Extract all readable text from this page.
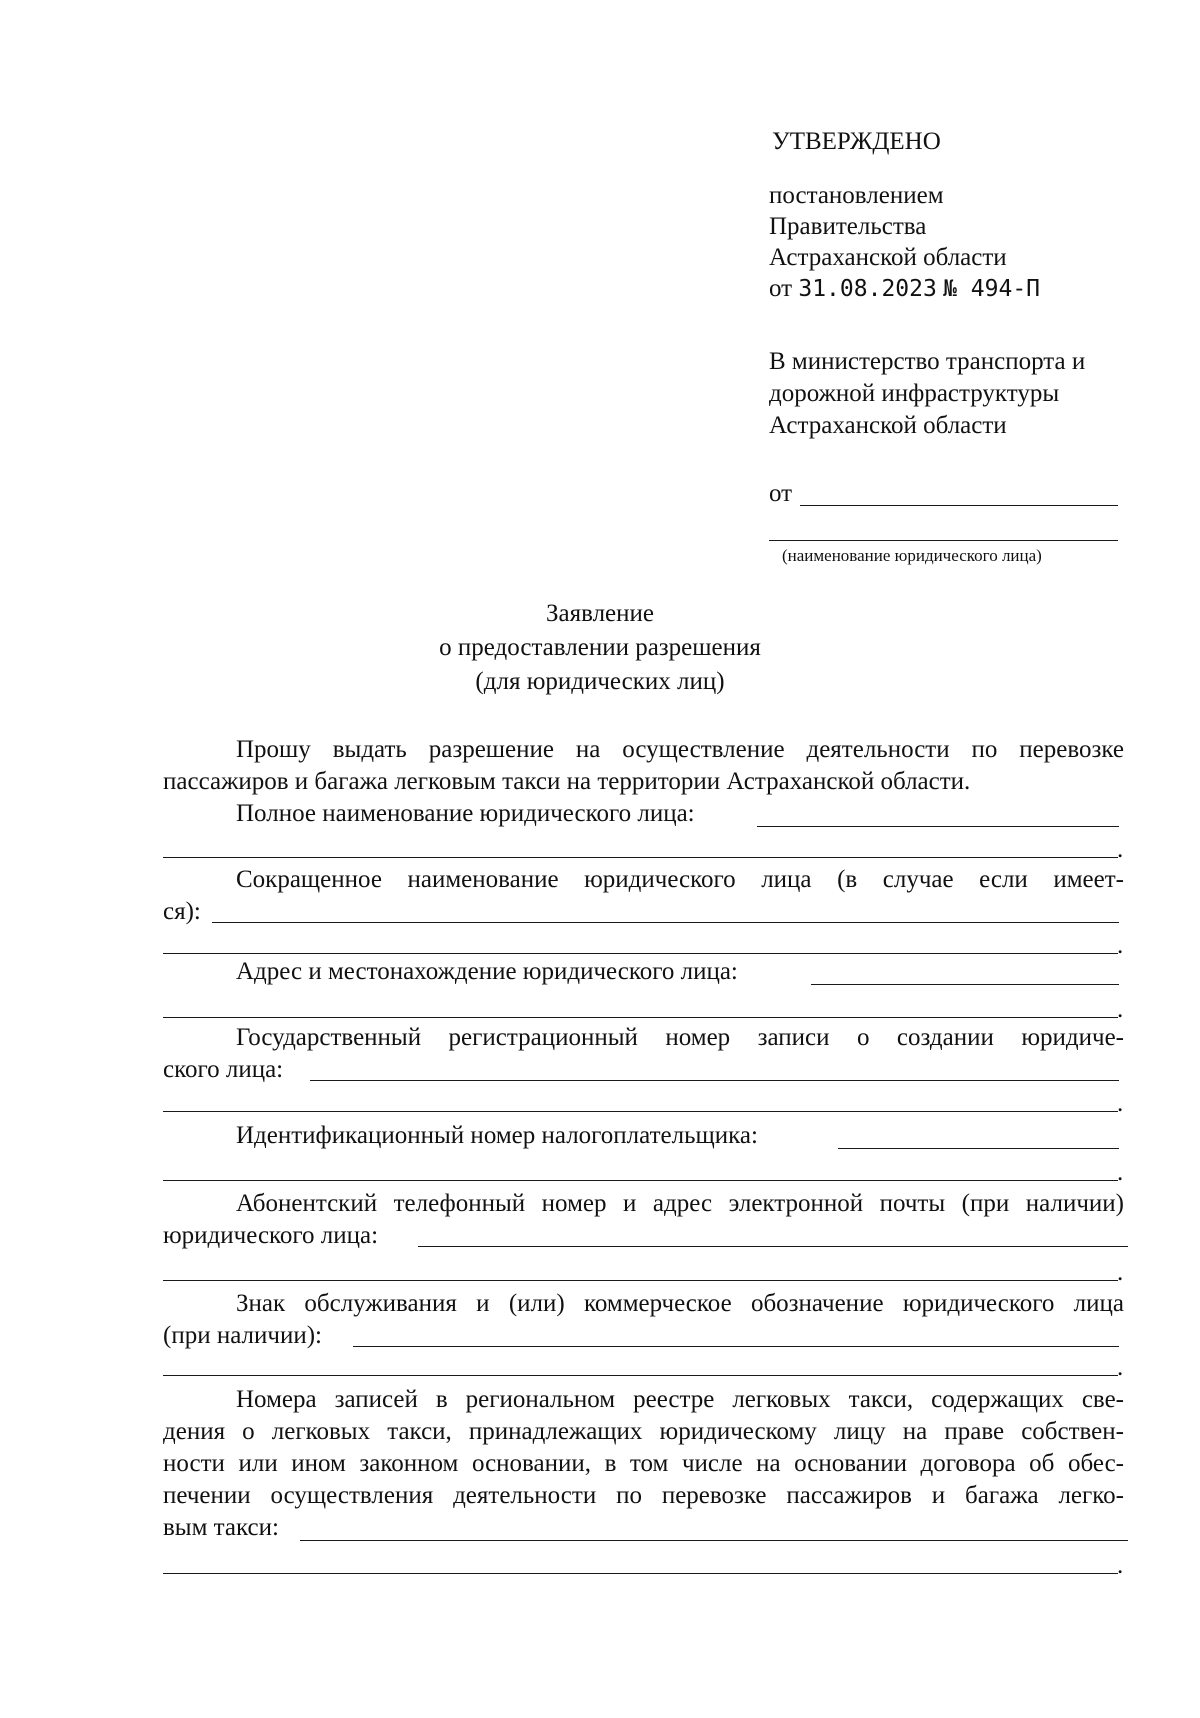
УТВЕРЖДЕНО
постановлением
Правительства
Астраханской области
от 31.08.2023 № 494-П
В министерство транспорта и
дорожной инфраструктуры
Астраханской области
от
(наименование юридического лица)
Заявление
о предоставлении разрешения
(для юридических лиц)
Прошу выдать разрешение на осуществление деятельности по перевозке
пассажиров и багажа легковым такси на территории Астраханской области.
Полное наименование юридического лица:
.
Сокращенное наименование юридического лица (в случае если имеет-
ся):
.
Адрес и местонахождение юридического лица:
.
Государственный регистрационный номер записи о создании юридиче-
ского лица:
.
Идентификационный номер налогоплательщика:
.
Абонентский телефонный номер и адрес электронной почты (при наличии)
юридического лица:
.
Знак обслуживания и (или) коммерческое обозначение юридического лица
(при наличии):
.
Номера записей в региональном реестре легковых такси, содержащих све-
дения о легковых такси, принадлежащих юридическому лицу на праве собствен-
ности или ином законном основании, в том числе на основании договора об обес-
печении осуществления деятельности по перевозке пассажиров и багажа легко-
вым такси:
.
